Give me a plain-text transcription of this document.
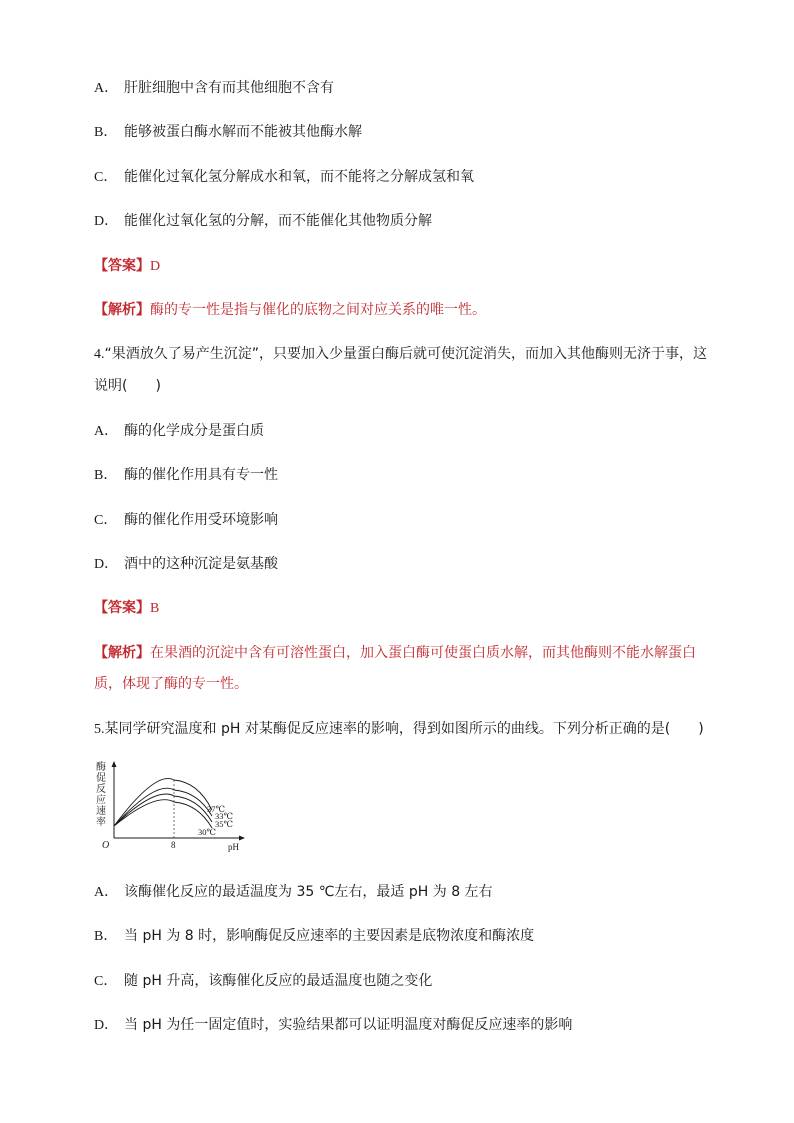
A． 肝脏细胞中含有而其他细胞不含有
B． 能够被蛋白酶水解而不能被其他酶水解
C． 能催化过氧化氢分解成水和氧，而不能将之分解成氢和氧
D． 能催化过氧化氢的分解，而不能催化其他物质分解
【答案】D
【解析】酶的专一性是指与催化的底物之间对应关系的唯一性。
4.“果酒放久了易产生沉淀”，只要加入少量蛋白酶后就可使沉淀消失，而加入其他酶则无济于事，这
说明(　　)
A． 酶的化学成分是蛋白质
B． 酶的催化作用具有专一性
C． 酶的催化作用受环境影响
D． 酒中的这种沉淀是氨基酸
【答案】B
【解析】在果酒的沉淀中含有可溶性蛋白，加入蛋白酶可使蛋白质水解，而其他酶则不能水解蛋白
质，体现了酶的专一性。
5.某同学研究温度和 pH 对某酶促反应速率的影响，得到如图所示的曲线。下列分析正确的是(　　)
酶
促
反
应
速
率
O	8	pH
37℃
33℃
35℃
30℃
A． 该酶催化反应的最适温度为 35 ℃左右，最适 pH 为 8 左右
B． 当 pH 为 8 时，影响酶促反应速率的主要因素是底物浓度和酶浓度
C． 随 pH 升高，该酶催化反应的最适温度也随之变化
D． 当 pH 为任一固定值时，实验结果都可以证明温度对酶促反应速率的影响
